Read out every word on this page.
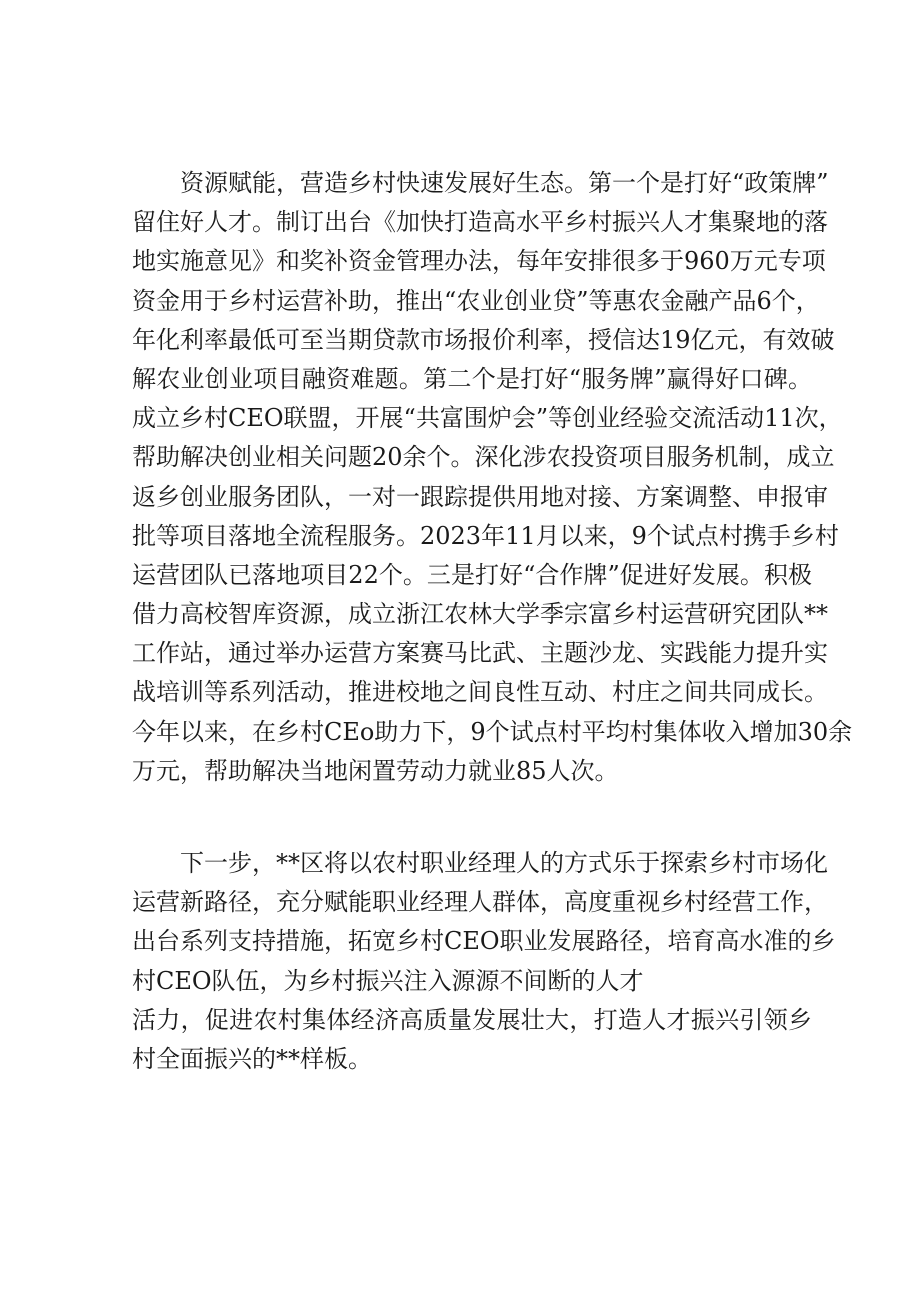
资源赋能，营造乡村快速发展好生态。第一个是打好“政策牌”
留住好人才。制订出台《加快打造高水平乡村振兴人才集聚地的落
地实施意见》和奖补资金管理办法，每年安排很多于960万元专项
资金用于乡村运营补助，推出“农业创业贷”等惠农金融产品6个，
年化利率最低可至当期贷款市场报价利率，授信达19亿元，有效破
解农业创业项目融资难题。第二个是打好“服务牌”赢得好口碑。
成立乡村CEO联盟，开展“共富围炉会”等创业经验交流活动11次，
帮助解决创业相关问题20余个。深化涉农投资项目服务机制，成立
返乡创业服务团队，一对一跟踪提供用地对接、方案调整、申报审
批等项目落地全流程服务。2023年11月以来，9个试点村携手乡村
运营团队已落地项目22个。三是打好“合作牌”促进好发展。积极
借力高校智库资源，成立浙江农林大学季宗富乡村运营研究团队**
工作站，通过举办运营方案赛马比武、主题沙龙、实践能力提升实
战培训等系列活动，推进校地之间良性互动、村庄之间共同成长。
今年以来，在乡村CEo助力下，9个试点村平均村集体收入增加30余
万元，帮助解决当地闲置劳动力就业85人次。

下一步，**区将以农村职业经理人的方式乐于探索乡村市场化
运营新路径，充分赋能职业经理人群体，高度重视乡村经营工作，
出台系列支持措施，拓宽乡村CEO职业发展路径，培育高水准的乡
村CEO队伍，为乡村振兴注入源源不间断的人才
活力，促进农村集体经济高质量发展壮大，打造人才振兴引领乡
村全面振兴的**样板。
